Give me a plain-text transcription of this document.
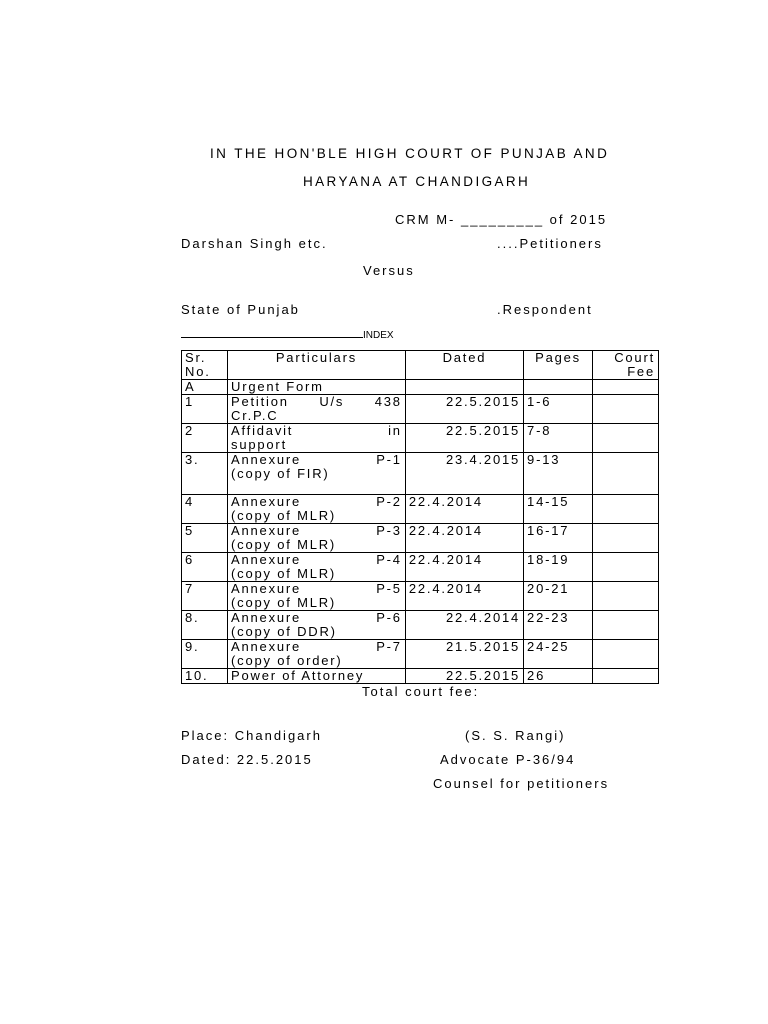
IN THE HON'BLE HIGH COURT OF PUNJAB AND
HARYANA AT CHANDIGARH
CRM M- _________ of 2015
Darshan Singh etc.	....Petitioners
Versus
State of Punjab	.Respondent
INDEX
Sr. No.	Particulars	Dated	Pages	Court Fee
A	Urgent Form			
1	Petition U/s 438
Cr.P.C	22.5.2015	1-6	
2	Affidavit in
support	22.5.2015	7-8	
3.	Annexure P-1
(copy of FIR)	23.4.2015	9-13	
4	Annexure P-2
(copy of MLR)	22.4.2014	14-15	
5	Annexure P-3
(copy of MLR)	22.4.2014	16-17	
6	Annexure P-4
(copy of MLR)	22.4.2014	18-19	
7	Annexure P-5
(copy of MLR)	22.4.2014	20-21	
8.	Annexure P-6
(copy of DDR)	22.4.2014	22-23	
9.	Annexure P-7
(copy of order)	21.5.2015	24-25	
10.	Power of Attorney	22.5.2015	26	
Total court fee:
Place: Chandigarh	(S. S. Rangi)
Dated: 22.5.2015	Advocate P-36/94
Counsel for petitioners
